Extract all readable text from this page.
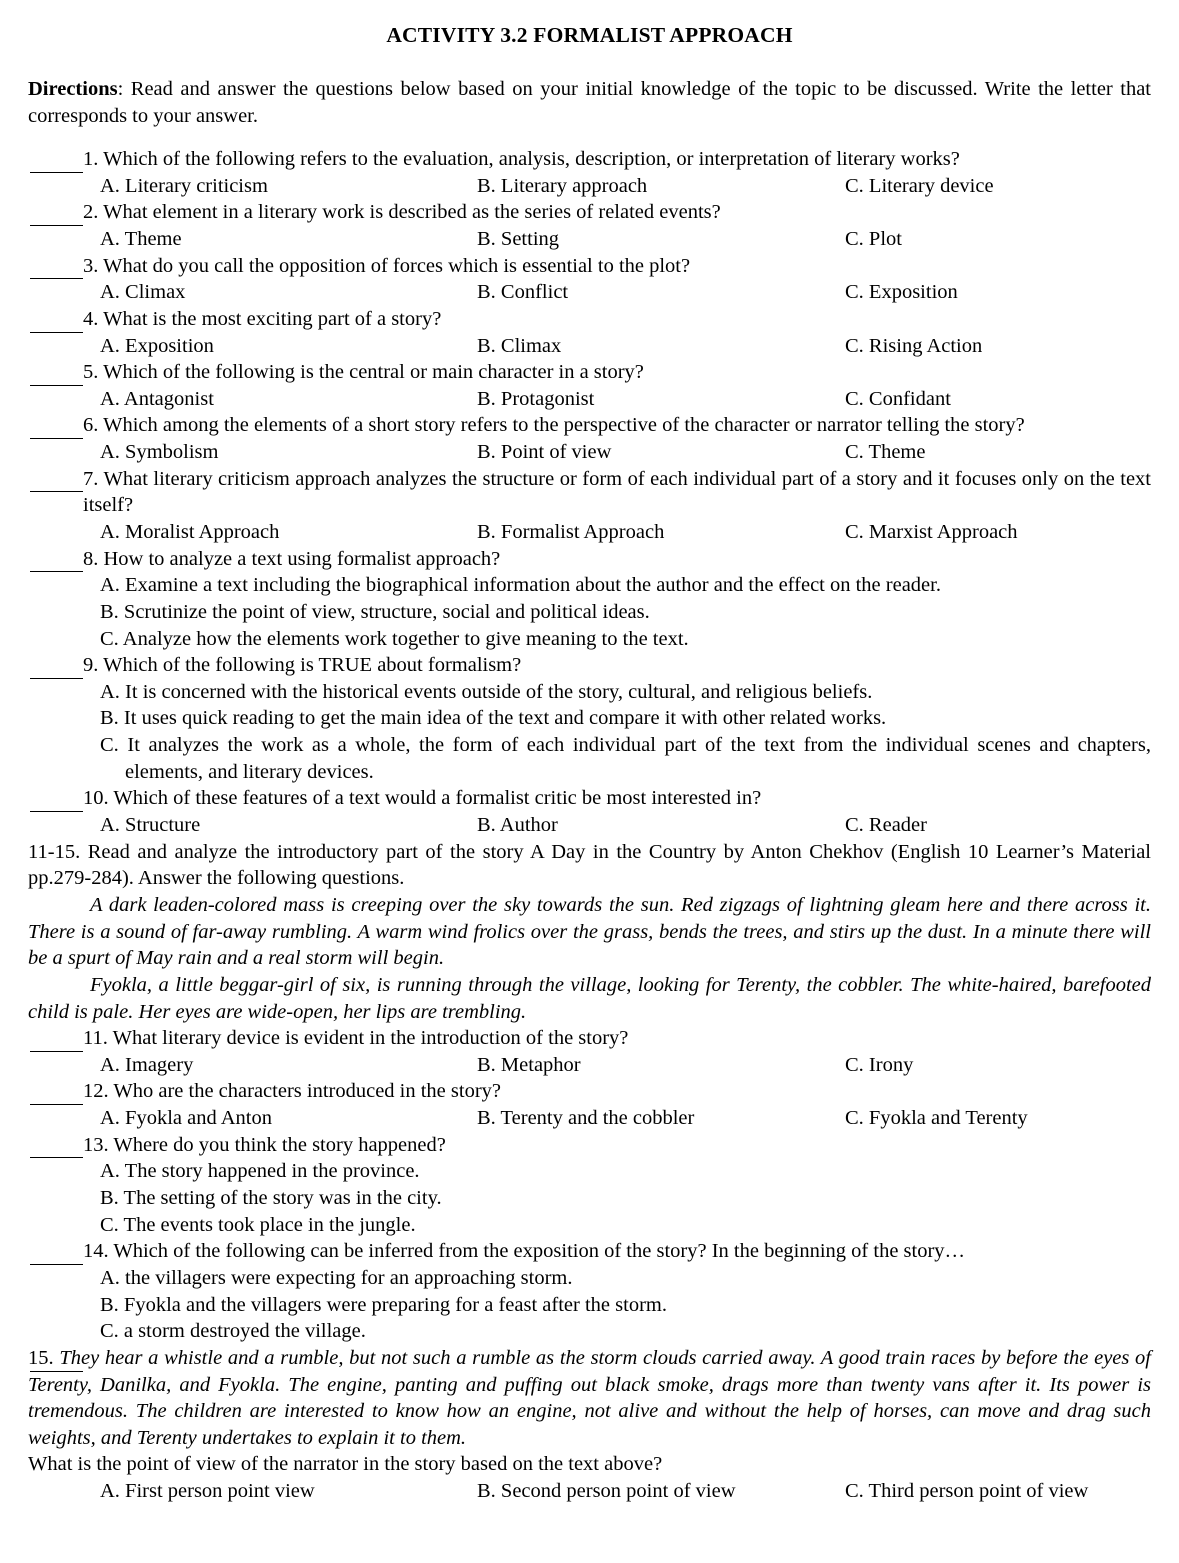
ACTIVITY 3.2 FORMALIST APPROACH

Directions: Read and answer the questions below based on your initial knowledge of the topic to be discussed. Write the letter that corresponds to your answer.

1. Which of the following refers to the evaluation, analysis, description, or interpretation of literary works?
A. Literary criticism	B. Literary approach	C. Literary device
2. What element in a literary work is described as the series of related events?
A. Theme	B. Setting	C. Plot
3. What do you call the opposition of forces which is essential to the plot?
A. Climax	B. Conflict	C. Exposition
4. What is the most exciting part of a story?
A. Exposition	B. Climax	C. Rising Action
5. Which of the following is the central or main character in a story?
A. Antagonist	B. Protagonist	C. Confidant
6. Which among the elements of a short story refers to the perspective of the character or narrator telling the story?
A. Symbolism	B. Point of view	C. Theme
7. What literary criticism approach analyzes the structure or form of each individual part of a story and it focuses only on the text itself?
A. Moralist Approach	B. Formalist Approach	C. Marxist Approach
8. How to analyze a text using formalist approach?
A. Examine a text including the biographical information about the author and the effect on the reader.
B. Scrutinize the point of view, structure, social and political ideas.
C. Analyze how the elements work together to give meaning to the text.
9. Which of the following is TRUE about formalism?
A. It is concerned with the historical events outside of the story, cultural, and religious beliefs.
B. It uses quick reading to get the main idea of the text and compare it with other related works.
C. It analyzes the work as a whole, the form of each individual part of the text from the individual scenes and chapters, elements, and literary devices.
10. Which of these features of a text would a formalist critic be most interested in?
A. Structure	B. Author	C. Reader
11-15. Read and analyze the introductory part of the story A Day in the Country by Anton Chekhov (English 10 Learner’s Material pp.279-284). Answer the following questions.
A dark leaden-colored mass is creeping over the sky towards the sun. Red zigzags of lightning gleam here and there across it. There is a sound of far-away rumbling. A warm wind frolics over the grass, bends the trees, and stirs up the dust. In a minute there will be a spurt of May rain and a real storm will begin.
Fyokla, a little beggar-girl of six, is running through the village, looking for Terenty, the cobbler. The white-haired, barefooted child is pale. Her eyes are wide-open, her lips are trembling.
11. What literary device is evident in the introduction of the story?
A. Imagery	B. Metaphor	C. Irony
12. Who are the characters introduced in the story?
A. Fyokla and Anton	B. Terenty and the cobbler	C. Fyokla and Terenty
13. Where do you think the story happened?
A. The story happened in the province.
B. The setting of the story was in the city.
C. The events took place in the jungle.
14. Which of the following can be inferred from the exposition of the story? In the beginning of the story…
A. the villagers were expecting for an approaching storm.
B. Fyokla and the villagers were preparing for a feast after the storm.
C. a storm destroyed the village.
15. They hear a whistle and a rumble, but not such a rumble as the storm clouds carried away. A good train races by before the eyes of Terenty, Danilka, and Fyokla. The engine, panting and puffing out black smoke, drags more than twenty vans after it. Its power is tremendous. The children are interested to know how an engine, not alive and without the help of horses, can move and drag such weights, and Terenty undertakes to explain it to them.
What is the point of view of the narrator in the story based on the text above?
A. First person point view	B. Second person point of view	C. Third person point of view
